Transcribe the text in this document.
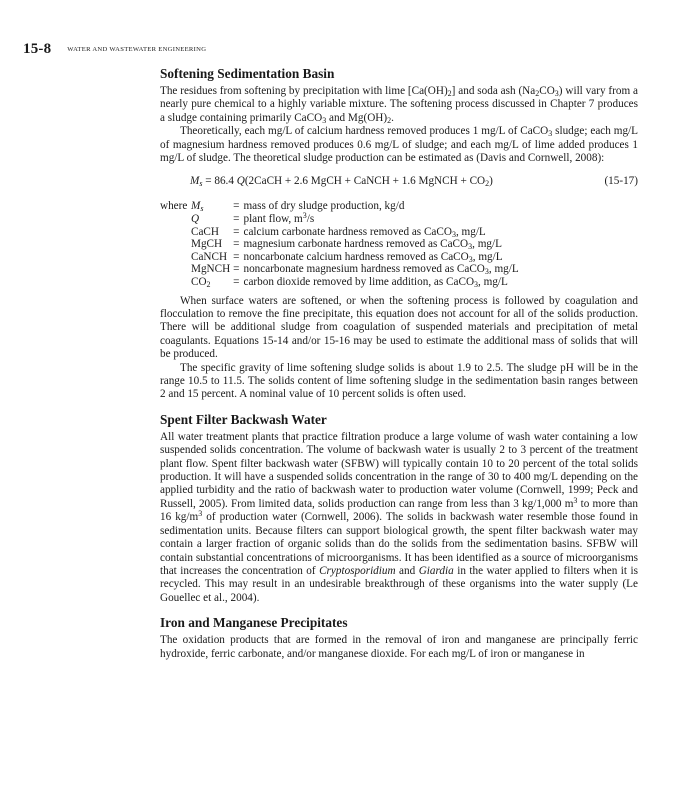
15-8 WATER AND WASTEWATER ENGINEERING
Softening Sedimentation Basin

The residues from softening by precipitation with lime $[Ca(OH)_2]$ and soda ash $(Na_2CO_3)$ will vary from a nearly pure chemical to a highly variable mixture. The softening process discussed in Chapter 7 produces a sludge containing primarily CaCO$_3$ and $Mg(OH)_2$.

Theoretically, each mg/L of calcium hardness removed produces 1 mg/L of CaCO$_3$ sludge; each mg/L of magnesium hardness removed produces 0.6 mg/L of sludge; and each mg/L of lime added produces 1 mg/L of sludge. The theoretical sludge production can be estimated as (Davis and Cornwell, 2008):

$M_s = 86.4$ Q(2CaCH + 2.6 MgCH + CaNCH + 1.6 MgNCH + $CO_2$)	(15-17)
where	$M_s$	=	mass of dry sludge production, kg/d
	Q	=	plant flow, $m^3/s$
	CaCH	=	calcium carbonate hardness removed as CaCO$_3$, mg/L
	MgCH	=	magnesium carbonate hardness removed as CaCO$_3$, mg/L
	CaNCH	=	noncarbonate calcium hardness removed as CaCO$_3$, mg/L
	MgNCH	=	noncarbonate magnesium hardness removed as CaCO$_3$, mg/L
	$CO_2$	=	carbon dioxide removed by lime addition, as CaCO$_3$, mg/L

When surface waters are softened, or when the softening process is followed by coagulation and flocculation to remove the fine precipitate, this equation does not account for all of the solids production. There will be additional sludge from coagulation of suspended materials and precipitation of metal coagulants. Equations 15-14 and/or 15-16 may be used to estimate the additional mass of solids that will be produced.

The specific gravity of lime softening sludge solids is about 1.9 to 2.5. The sludge pH will be in the range 10.5 to 11.5. The solids content of lime softening sludge in the sedimentation basin ranges between 2 and 15 percent. A nominal value of 10 percent solids is often used.

Spent Filter Backwash Water

All water treatment plants that practice filtration produce a large volume of wash water containing a low suspended solids concentration. The volume of backwash water is usually 2 to 3 percent of the treatment plant flow. Spent filter backwash water (SFBW) will typically contain 10 to 20 percent of the total solids production. It will have a suspended solids concentration in the range of 30 to 400 mg/L depending on the applied turbidity and the ratio of backwash water to production water volume (Cornwell, 1999; Peck and Russell, 2005). From limited data, solids production can range from less than 3 kg/1,000 $m^3$ to more than 16 $kg/m^3$ of production water (Cornwell, 2006). The solids in backwash water resemble those found in sedimentation units. Because filters can support biological growth, the spent filter backwash water may contain a larger fraction of organic solids than do the solids from the sedimentation basins. SFBW will contain substantial concentrations of microorganisms. It has been identified as a source of microorganisms that increases the concentration of Cryptosporidium and Giardia in the water applied to filters when it is recycled. This may result in an undesirable breakthrough of these organisms into the water supply (Le Gouellec et al., 2004).

Iron and Manganese Precipitates

The oxidation products that are formed in the removal of iron and manganese are principally ferric hydroxide, ferric carbonate, and/or manganese dioxide. For each mg/L of iron or manganese in
